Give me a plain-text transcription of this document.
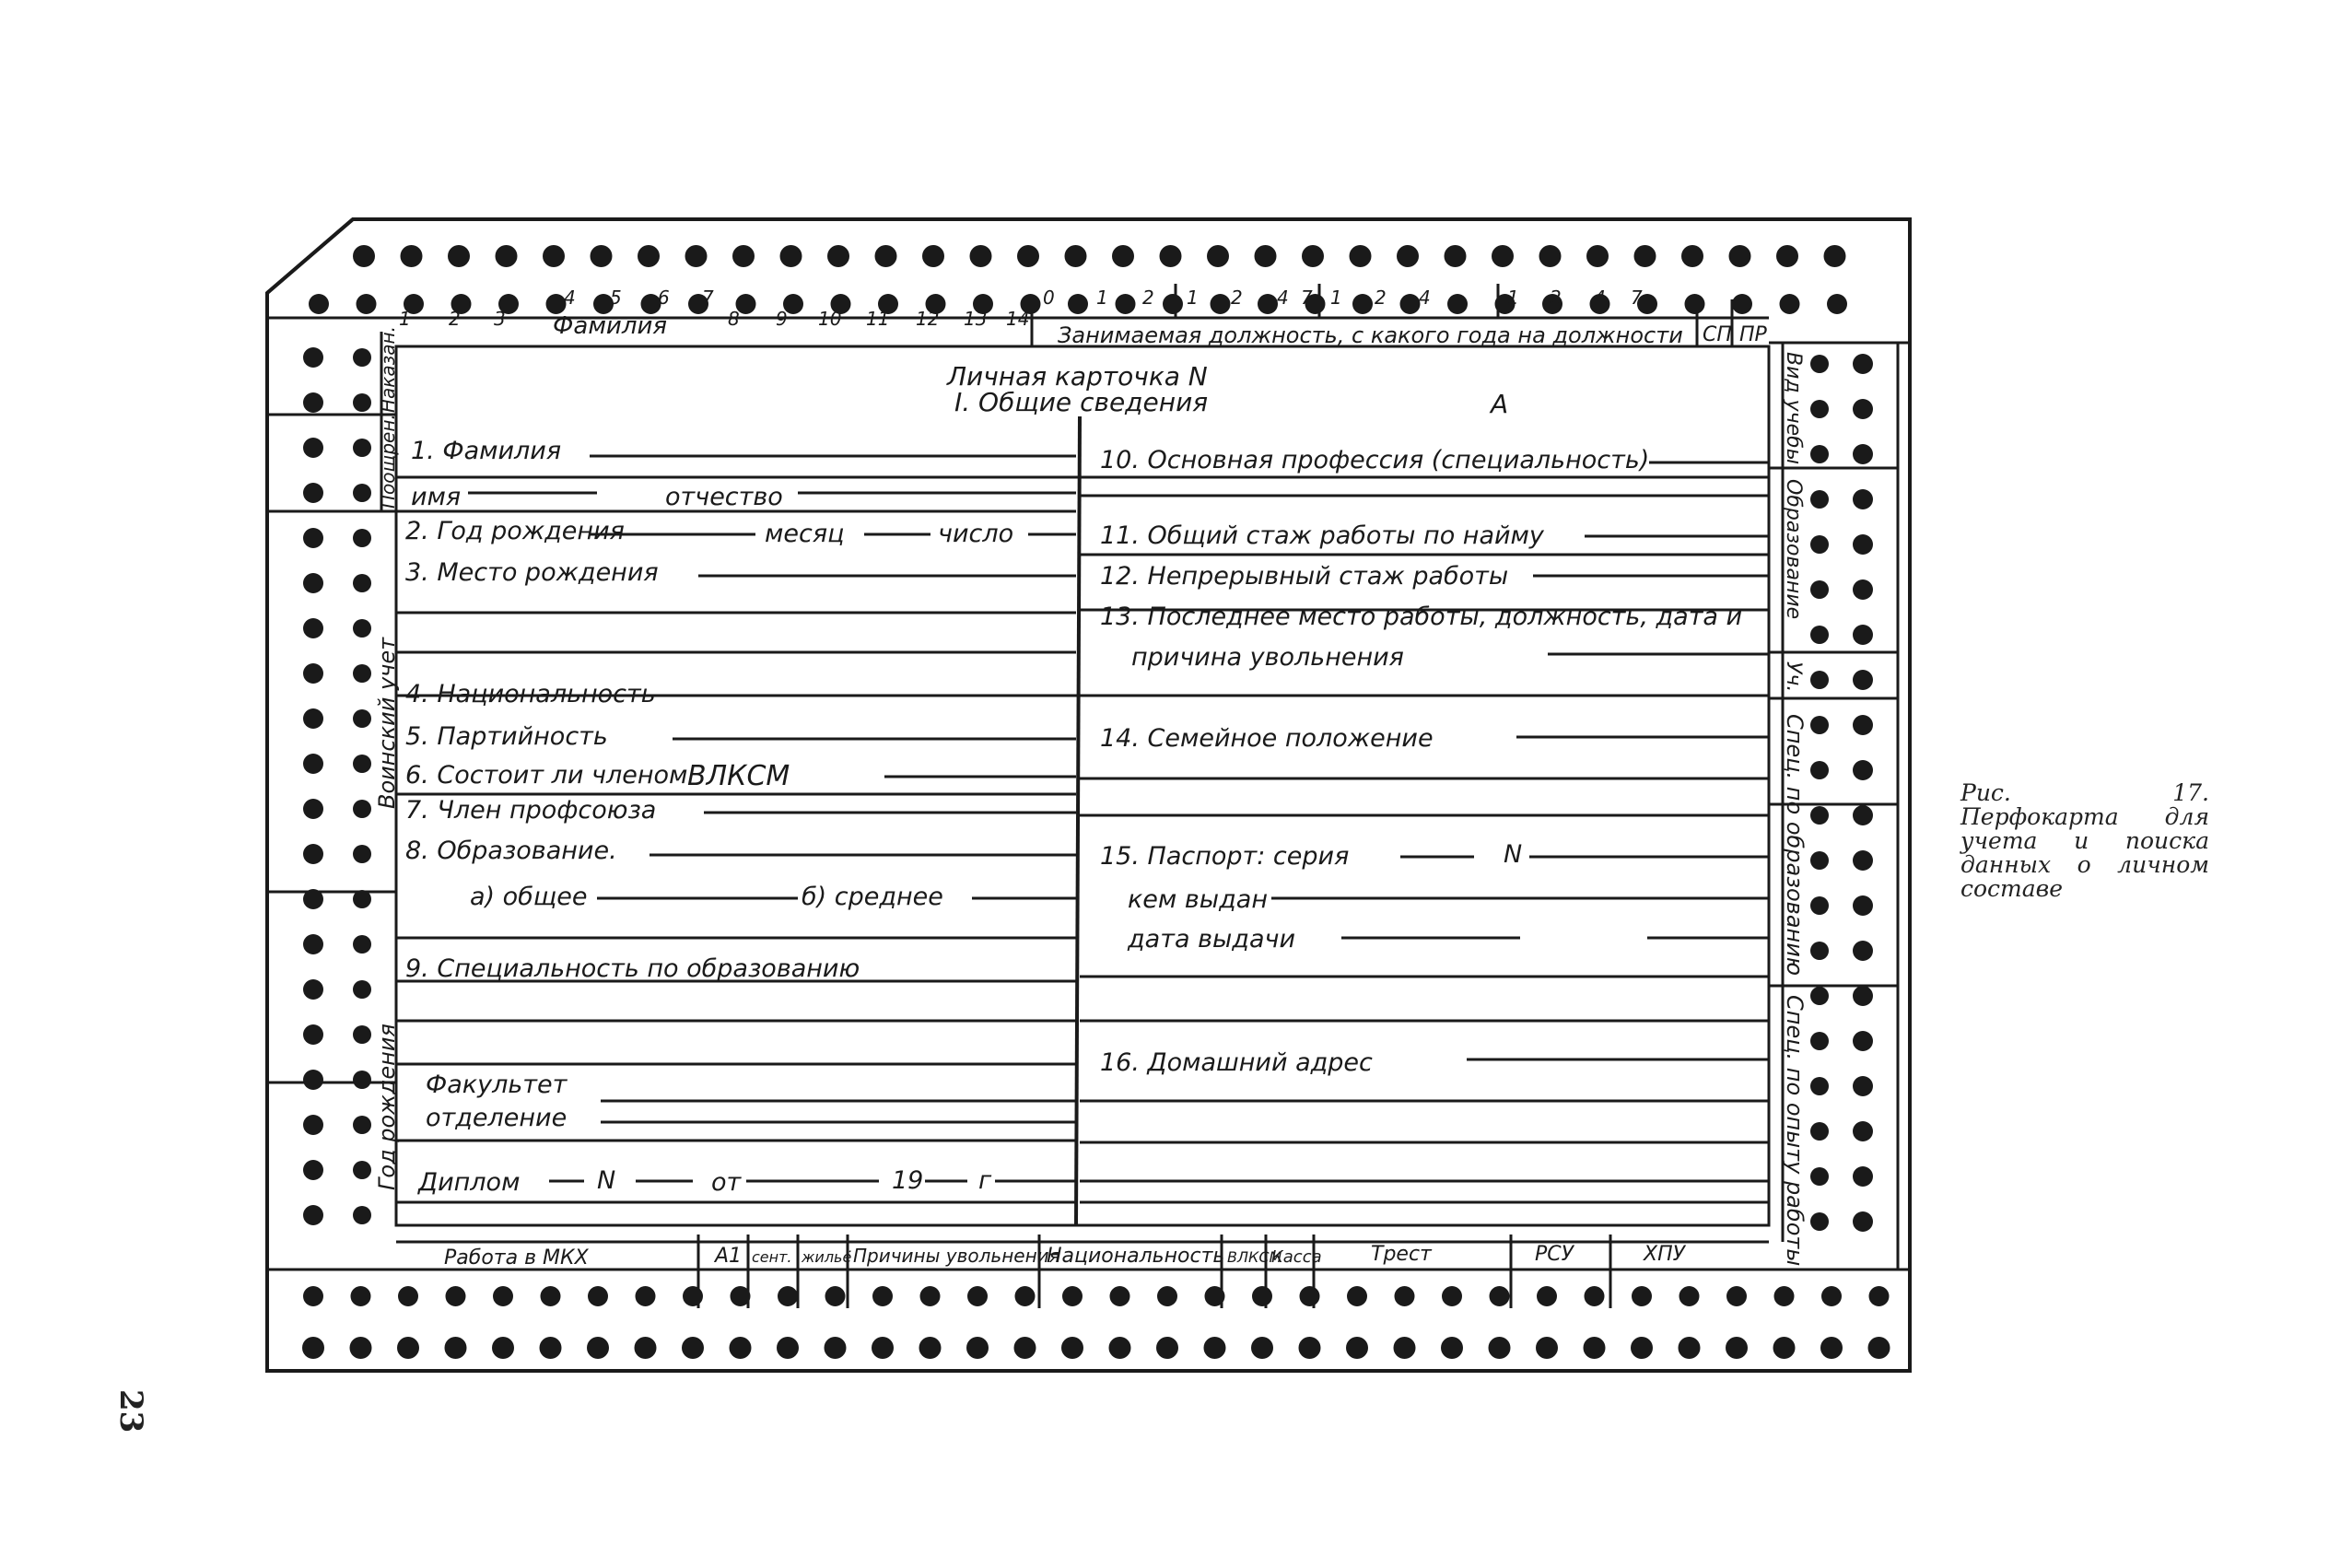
1 2 3
4 5 6 7
8 9 10 11 12 13 14
Фамилия	Занимаемая должность, с какого года на должности
0 1 2 1 2 4 7 1 2 4	1 2 4 7
СП ПР
Личная карточка N
I. Общие сведения	А
1. Фамилия
имя	отчество
2. Год рождения	месяц	число
3. Место рождения
4. Национальность
5. Партийность
6. Состоит ли членом ВЛКСМ
7. Член профсоюза
8. Образование.
а) общее	б) среднее
9. Специальность по образованию
Факультет
отделение
Диплом	N	от	19 г
10. Основная профессия (специальность)
11. Общий стаж работы по найму
12. Непрерывный стаж работы
13. Последнее место работы, должность, дата и
причина увольнения
14. Семейное положение
15. Паспорт: серия	N
кем выдан
дата выдачи
16. Домашний адрес
Наказан.
Поощрен.
Воинский учет
Год рождения
Вид учебы
Образование
Уч.
Спец. по образованию
Спец. по опыту работы
Работа в МКХ	А1 сент. жильё Причины увольнения
Национальность ВЛКСМ
Касса Трест	РСУ	ХПУ
Рис. 17. Перфокарта для учета и поиска данных о личном составе
23
